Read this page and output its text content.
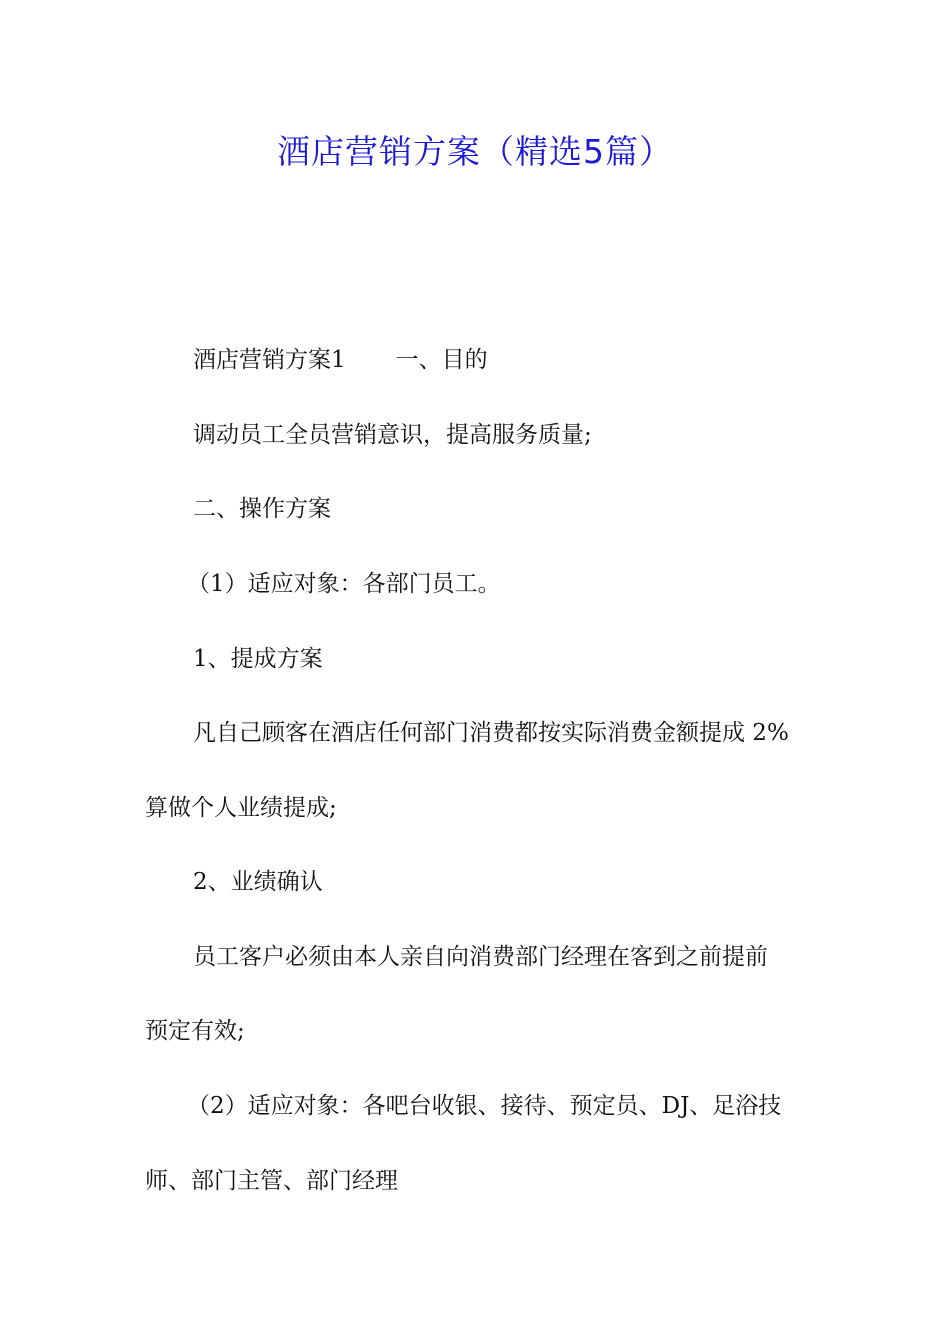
酒店营销方案（精选5篇）
酒店营销方案1 一、目的
调动员工全员营销意识，提高服务质量;
二、操作方案
（1）适应对象：各部门员工。
1、提成方案
凡自己顾客在酒店任何部门消费都按实际消费金额提成 2%
算做个人业绩提成;
2、业绩确认
员工客户必须由本人亲自向消费部门经理在客到之前提前
预定有效;
（2）适应对象：各吧台收银、接待、预定员、DJ、足浴技
师、部门主管、部门经理
